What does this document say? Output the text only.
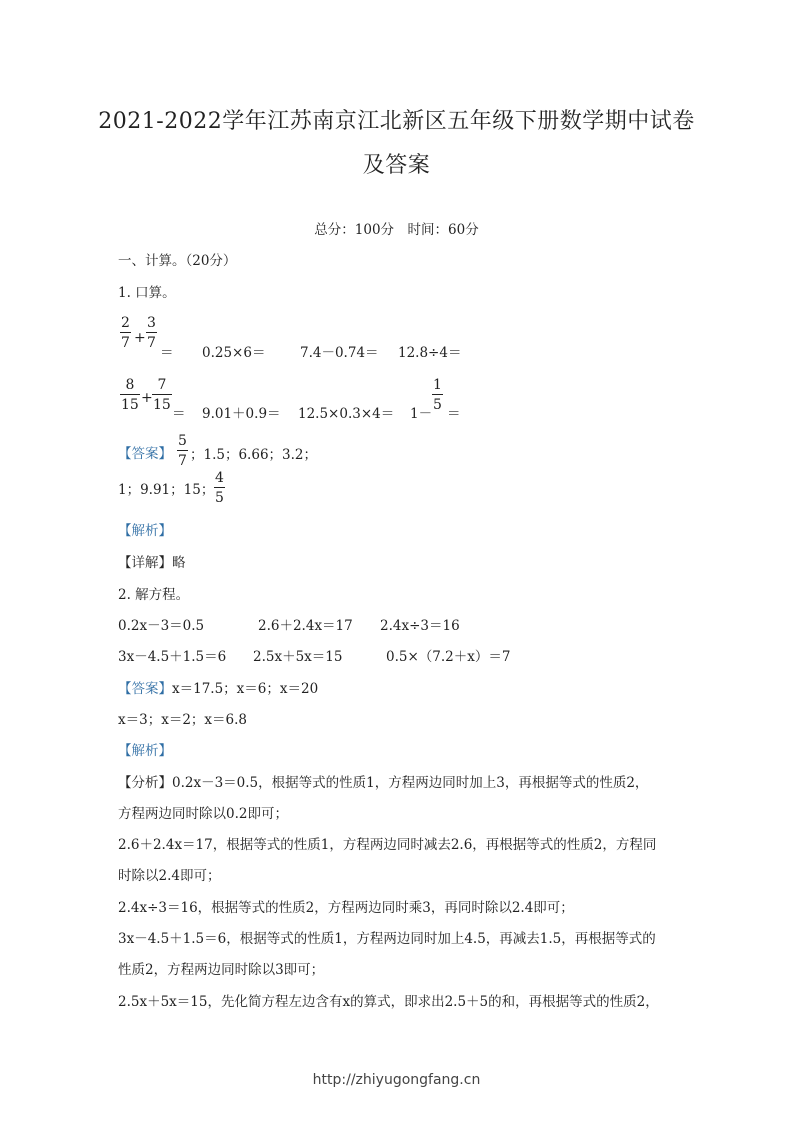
2021-2022学年江苏南京江北新区五年级下册数学期中试卷
及答案
总分：100分　时间：60分
一、计算。（20分）
1. 口算。
2
7 +
3
7
＝ 0.25×6＝	7.4－0.74＝ 12.8÷4＝
8
15 +
7
15
＝ 9.01＋0.9＝ 12.5×0.3×4＝ 1－
1
5
＝
【答案】
5
7 ；1.5；6.66；3.2；
1；9.91；15；
4
5
【解析】
【详解】略
2. 解方程。
0.2x－3＝0.5	2.6＋2.4x＝17 2.4x÷3＝16
3x－4.5＋1.5＝6 2.5x＋5x＝15	0.5×（7.2＋x）＝7
【答案】x＝17.5；x＝6；x＝20
x＝3；x＝2；x＝6.8
【解析】
【分析】0.2x－3＝0.5，根据等式的性质1，方程两边同时加上3，再根据等式的性质2，
方程两边同时除以0.2即可；
2.6＋2.4x＝17，根据等式的性质1，方程两边同时减去2.6，再根据等式的性质2，方程同
时除以2.4即可；
2.4x÷3＝16，根据等式的性质2，方程两边同时乘3，再同时除以2.4即可；
3x－4.5＋1.5＝6，根据等式的性质1，方程两边同时加上4.5，再减去1.5，再根据等式的
性质2，方程两边同时除以3即可；
2.5x＋5x＝15，先化简方程左边含有x的算式，即求出2.5＋5的和，再根据等式的性质2，
http://zhiyugongfang.cn
